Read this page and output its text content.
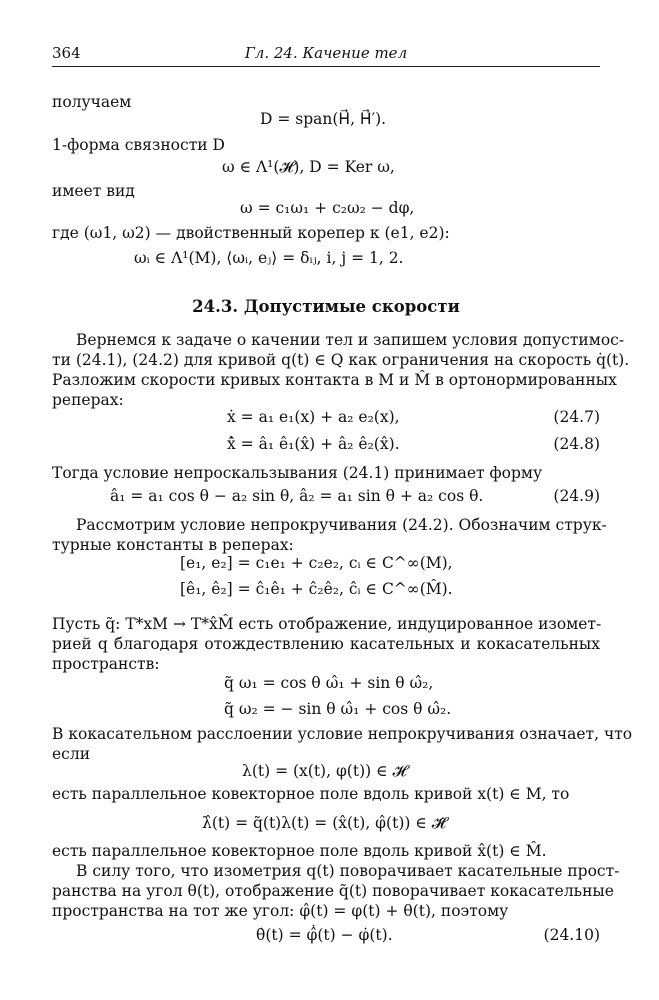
364	Гл. 24. Качение тел
получаем
D = span(H⃗, H⃗′).
1-форма связности D
ω ∈ Λ¹(𝓗), D = Ker ω,
имеет вид
ω = c₁ω₁ + c₂ω₂ − dφ,
где (ω1, ω2) — двойственный корепер к (e1, e2):
ωᵢ ∈ Λ¹(M), ⟨ωᵢ, eⱼ⟩ = δᵢⱼ, i, j = 1, 2.
24.3. Допустимые скорости
Вернемся к задаче о качении тел и запишем условия допустимос-
ти (24.1), (24.2) для кривой q(t) ∈ Q как ограничения на скорость q̇(t).
Разложим скорости кривых контакта в M и M̂ в ортонормированных
реперах:
ẋ = a₁ e₁(x) + a₂ e₂(x),	(24.7)
x̂̇ = â₁ ê₁(x̂) + â₂ ê₂(x̂).	(24.8)
Тогда условие непроскальзывания (24.1) принимает форму
â₁ = a₁ cos θ − a₂ sin θ, â₂ = a₁ sin θ + a₂ cos θ.	(24.9)
Рассмотрим условие непрокручивания (24.2). Обозначим струк-
турные константы в реперах:
[e₁, e₂] = c₁e₁ + c₂e₂, cᵢ ∈ C^∞(M),
[ê₁, ê₂] = ĉ₁ê₁ + ĉ₂ê₂, ĉᵢ ∈ C^∞(M̂).
Пусть q̃: T*xM → T*x̂M̂ есть отображение, индуцированное изомет-
рией q благодаря отождествлению касательных и кокасательных
пространств:
q̃ ω₁ = cos θ ω̂₁ + sin θ ω̂₂,
q̃ ω₂ = − sin θ ω̂₁ + cos θ ω̂₂.
В кокасательном расслоении условие непрокручивания означает, что
если
λ(t) = (x(t), φ(t)) ∈ 𝓗
есть параллельное ковекторное поле вдоль кривой x(t) ∈ M, то
λ̂(t) = q̃(t)λ(t) = (x̂(t), φ̂(t)) ∈ 𝓗̂
есть параллельное ковекторное поле вдоль кривой x̂(t) ∈ M̂.
В силу того, что изометрия q(t) поворачивает касательные прост-
ранства на угол θ(t), отображение q̃(t) поворачивает кокасательные
пространства на тот же угол: φ̂(t) = φ(t) + θ(t), поэтому
θ̇(t) = φ̂̇(t) − φ̇(t).	(24.10)
